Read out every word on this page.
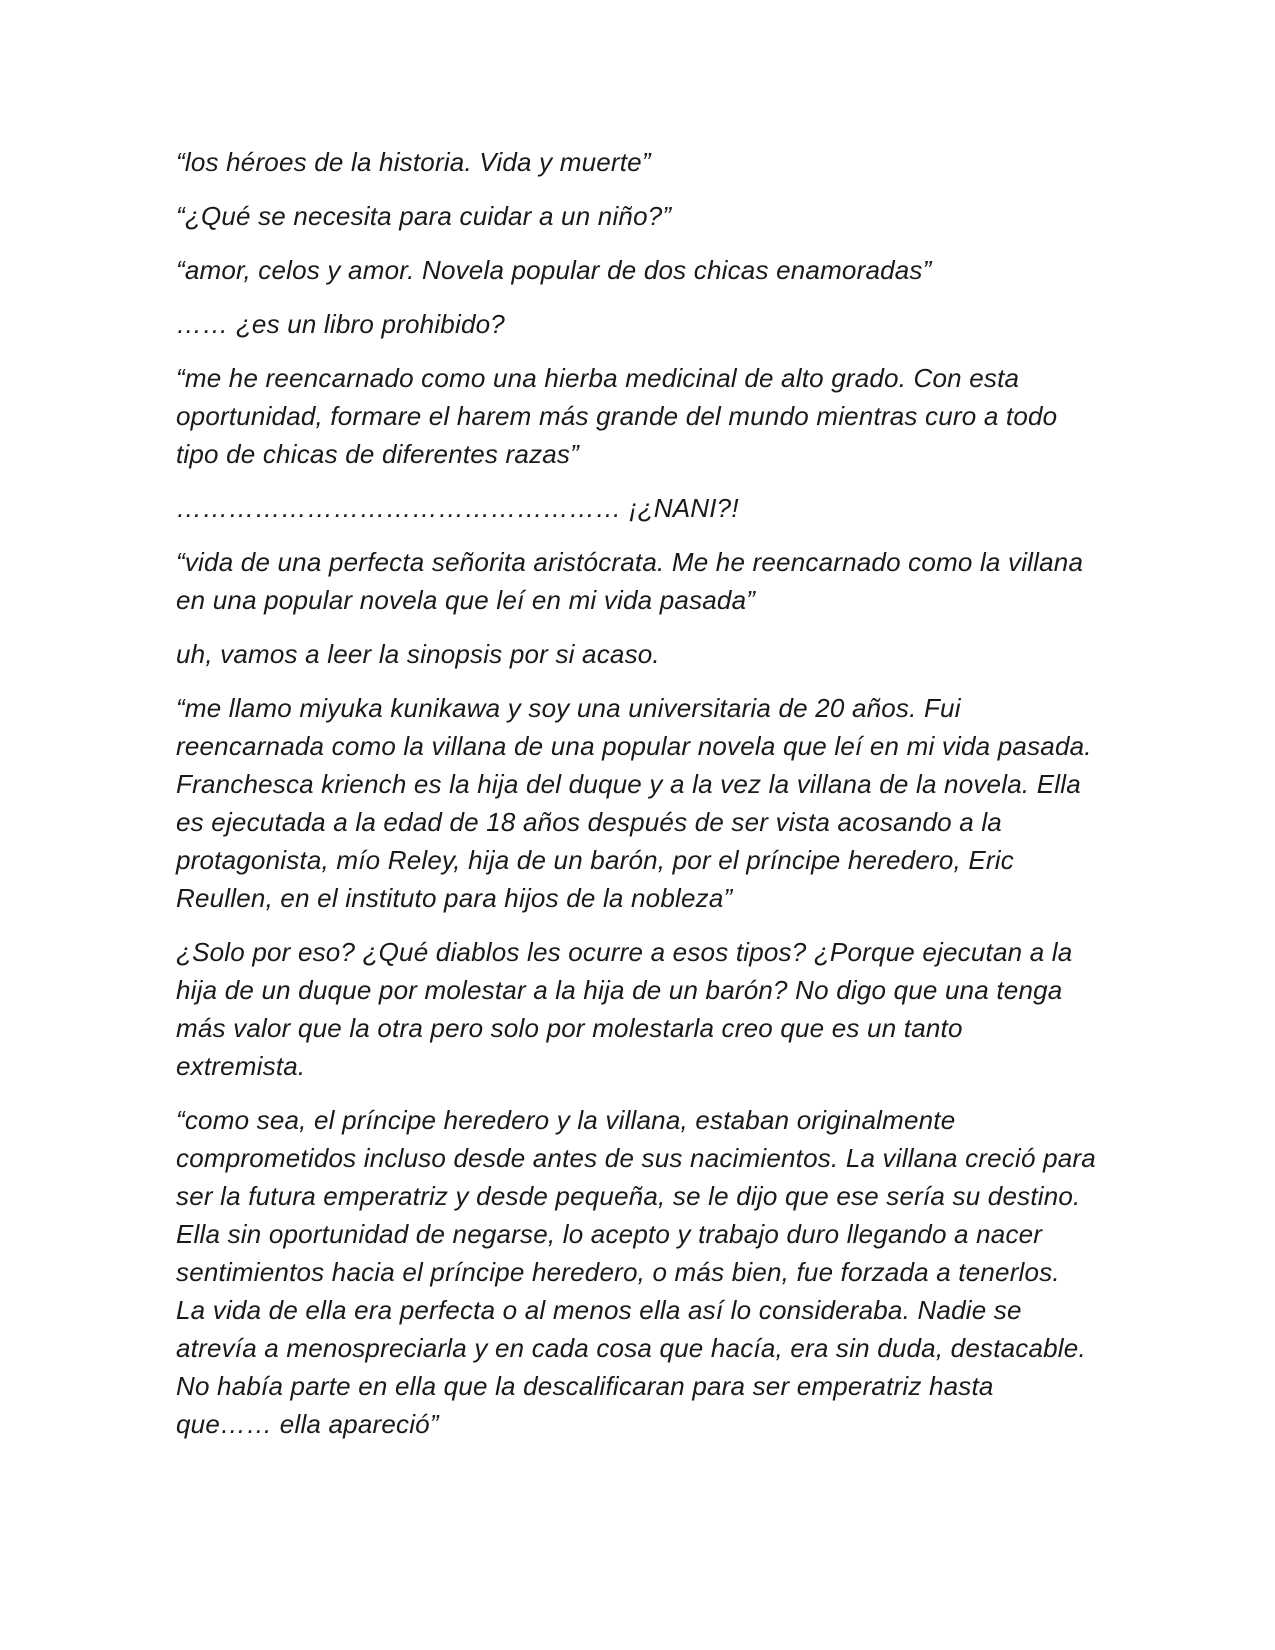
“los héroes de la historia. Vida y muerte”

“¿Qué se necesita para cuidar a un niño?”

“amor, celos y amor. Novela popular de dos chicas enamoradas”

…… ¿es un libro prohibido?

“me he reencarnado como una hierba medicinal de alto grado. Con esta oportunidad, formare el harem más grande del mundo mientras curo a todo tipo de chicas de diferentes razas”

…………………………………………… ¡¿NANI?!

“vida de una perfecta señorita aristócrata. Me he reencarnado como la villana en una popular novela que leí en mi vida pasada”

uh, vamos a leer la sinopsis por si acaso.

“me llamo miyuka kunikawa y soy una universitaria de 20 años. Fui reencarnada como la villana de una popular novela que leí en mi vida pasada. Franchesca kriench es la hija del duque y a la vez la villana de la novela. Ella es ejecutada a la edad de 18 años después de ser vista acosando a la protagonista, mío Reley, hija de un barón, por el príncipe heredero, Eric Reullen, en el instituto para hijos de la nobleza”

¿Solo por eso? ¿Qué diablos les ocurre a esos tipos? ¿Porque ejecutan a la hija de un duque por molestar a la hija de un barón? No digo que una tenga más valor que la otra pero solo por molestarla creo que es un tanto extremista.

“como sea, el príncipe heredero y la villana, estaban originalmente comprometidos incluso desde antes de sus nacimientos. La villana creció para ser la futura emperatriz y desde pequeña, se le dijo que ese sería su destino. Ella sin oportunidad de negarse, lo acepto y trabajo duro llegando a nacer sentimientos hacia el príncipe heredero, o más bien, fue forzada a tenerlos. La vida de ella era perfecta o al menos ella así lo consideraba. Nadie se atrevía a menospreciarla y en cada cosa que hacía, era sin duda, destacable. No había parte en ella que la descalificaran para ser emperatriz hasta que…… ella apareció”
